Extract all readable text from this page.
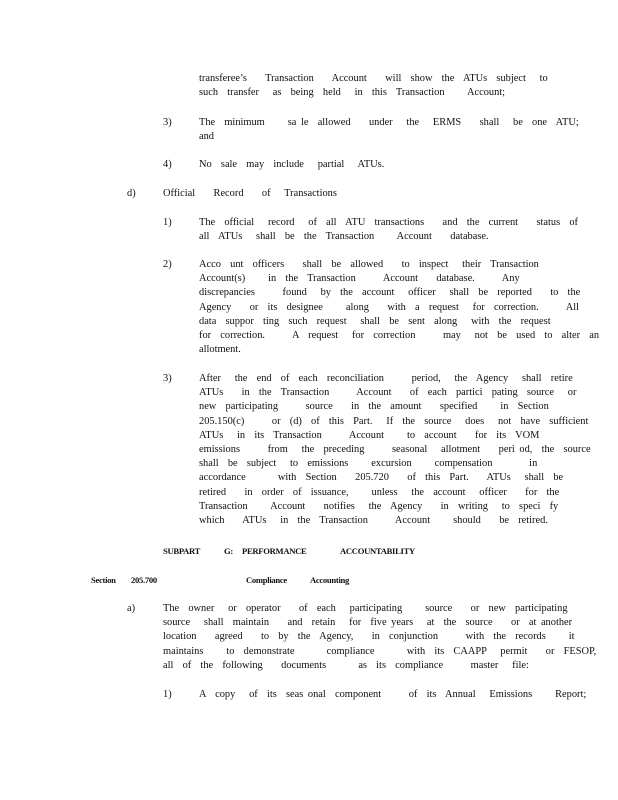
transferee’s    Transaction    Account    will  show  the  ATUs  subject   to
such  transfer   as  being  held   in  this  Transaction     Account;
3)	The  minimum     sa le  allowed    under   the   ERMS    shall   be  one  ATU;
and
4)	No  sale  may  include   partial   ATUs.
d)	Official    Record    of   Transactions
1)	The  official   record   of  all  ATU  transactions    and  the  current    status  of
all  ATUs   shall  be  the  Transaction     Account    database.
2)	Acco  unt  officers    shall  be  allowed    to  inspect   their  Transaction
Account(s)     in  the  Transaction      Account    database.      Any
discrepancies      found   by  the  account   officer   shall  be  reported    to  the
Agency    or  its  designee     along    with  a  request   for  correction.      All
data  suppor  ting  such  request   shall  be  sent  along   with  the  request
for  correction.      A  request   for  correction      may   not  be  used  to  alter  an
allotment.
3)	After   the  end  of  each  reconciliation      period,   the  Agency   shall  retire
ATUs    in  the  Transaction      Account    of  each  partici  pating  source   or
new  participating      source    in  the  amount    specified     in  Section
205.150(c)      or  (d)  of  this  Part.   If  the  source   does   not  have  sufficient
ATUs   in  its  Transaction      Account     to  account    for  its  VOM
emissions      from   the  preceding      seasonal   allotment    peri od,  the  source
shall  be  subject   to  emissions     excursion     compensation        in
accordance       with  Section    205.720    of  this  Part.    ATUs   shall  be
retired    in  order  of  issuance,     unless   the  account   officer    for  the
Transaction     Account    notifies   the  Agency    in  writing   to  speci  fy
which    ATUs   in  the  Transaction      Account     should    be  retired.
SUBPART	G: PERFORMANCE	ACCOUNTABILITY
Section 205.700	Compliance	Accounting
a)	The  owner   or  operator    of  each   participating     source    or  new  participating
source   shall  maintain    and  retain   for  five years   at  the  source    or  at another
location    agreed    to  by  the  Agency,    in  conjunction      with  the  records     it
maintains     to  demonstrate       compliance       with  its  CAAPP   permit    or  FESOP,
all  of  the  following    documents       as  its  compliance      master   file:
1)	A  copy   of  its  seas onal  component      of  its  Annual   Emissions     Report;
